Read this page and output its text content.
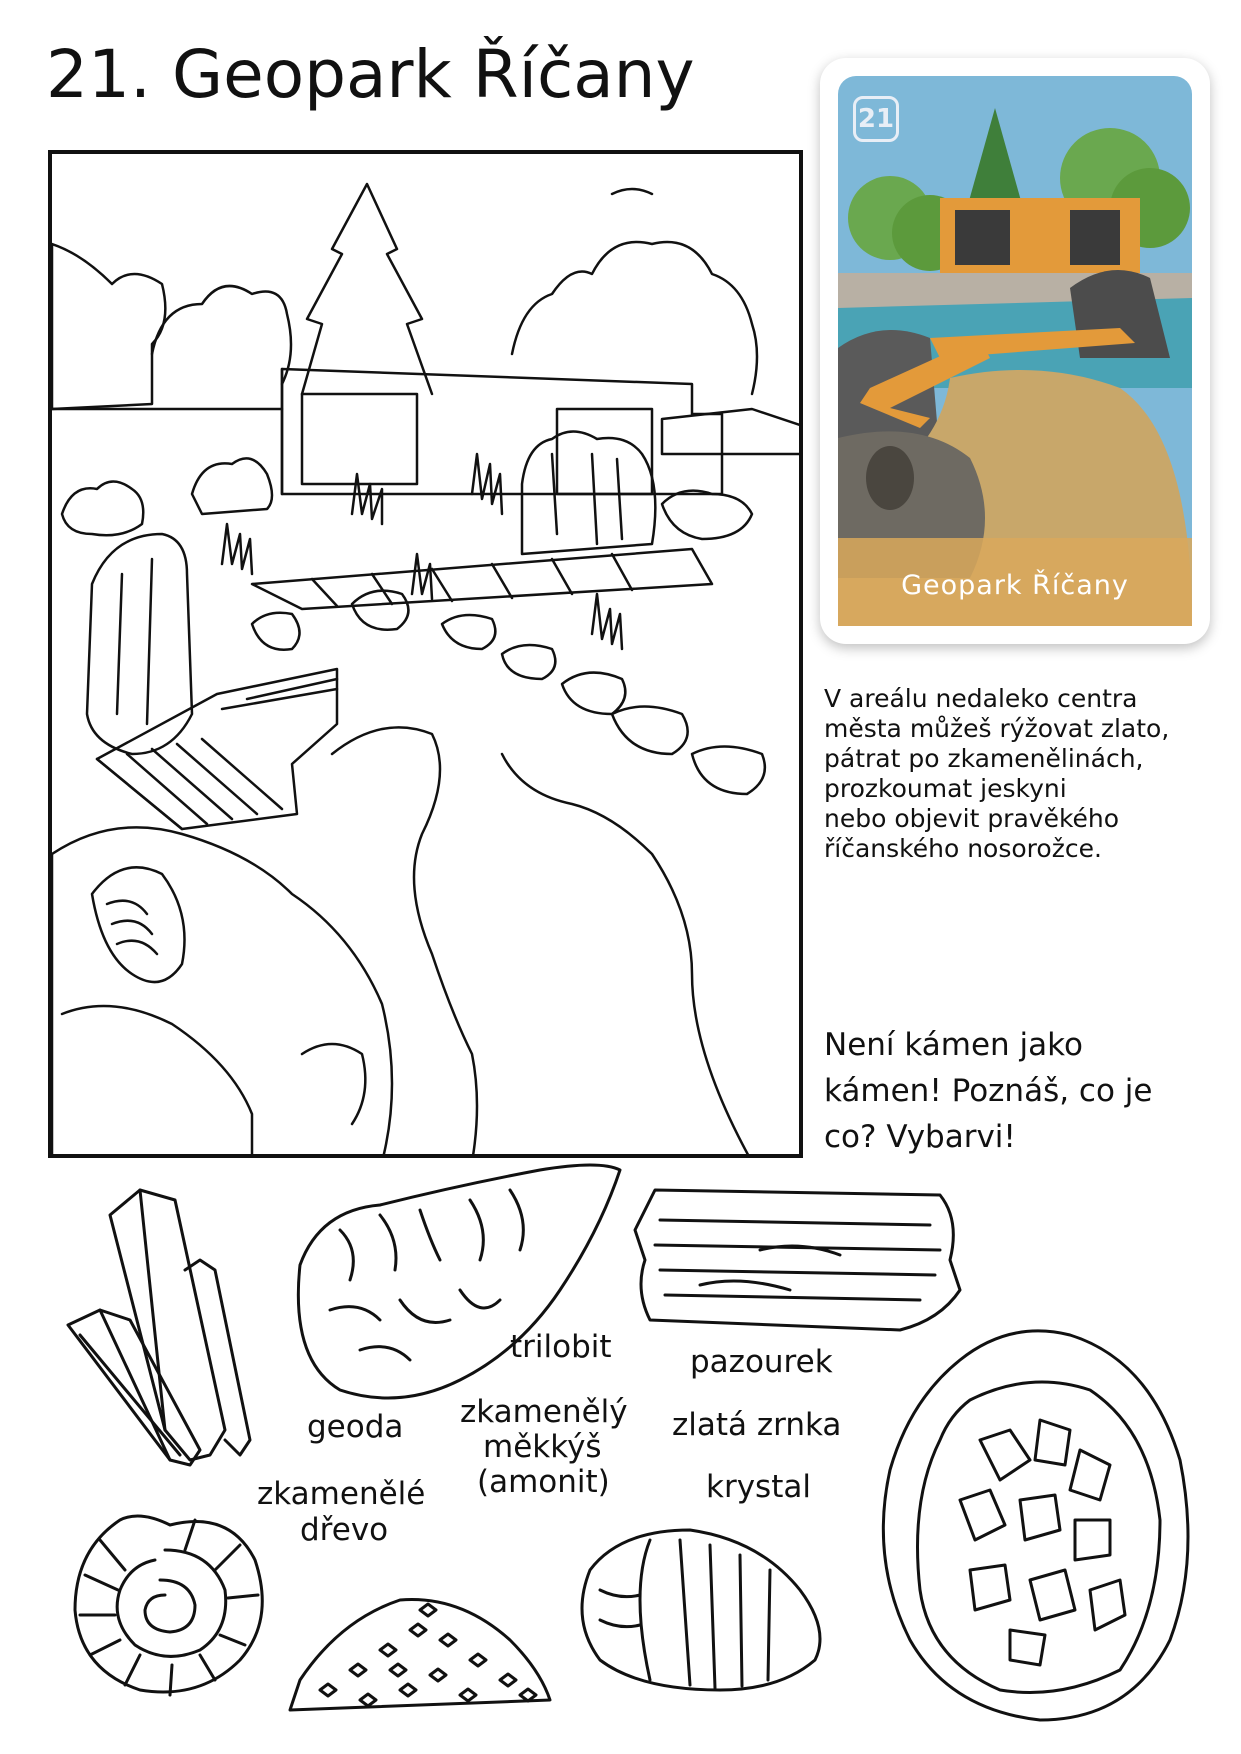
21. Geopark Říčany
21
Geopark Říčany

V areálu nedaleko centra

města můžeš rýžovat zlato,

pátrat po zkamenělinách,

prozkoumat jeskyni

nebo objevit pravěkého

říčanského nosorožce.

Není kámen jako

kámen! Poznáš, co je

co? Vybarvi!

trilobit	pazourek
geoda zkamenělý
měkkýš
(amonit)
zlatá zrnka
zkamenělé
dřevo
krystal
